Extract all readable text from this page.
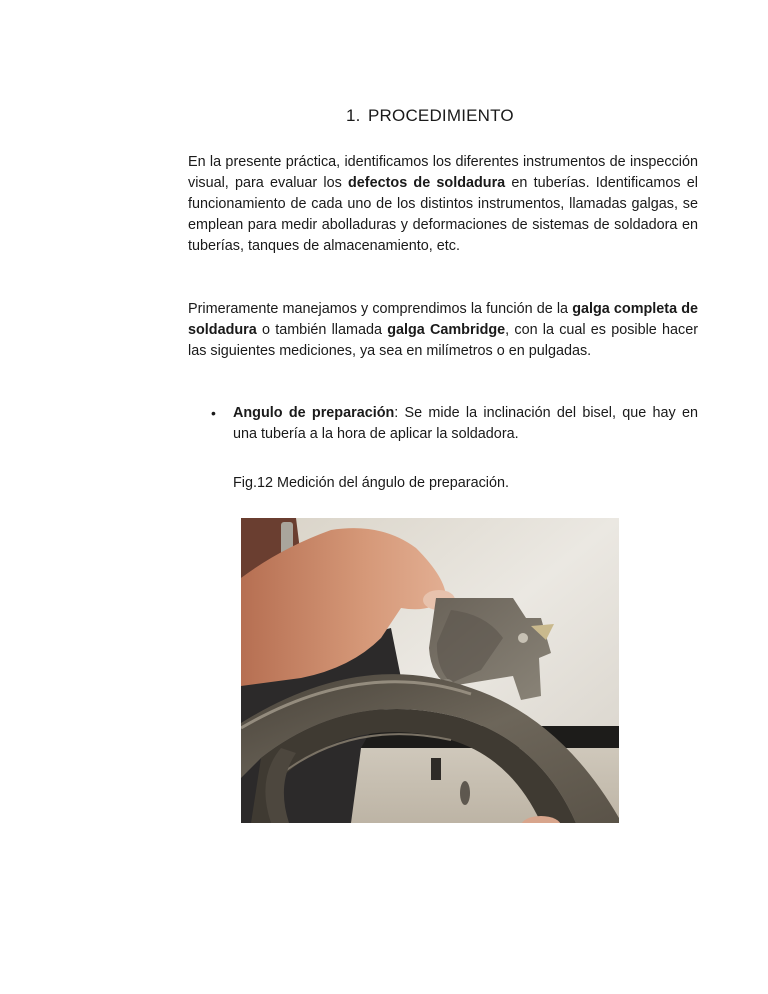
1. PROCEDIMIENTO

En la presente práctica, identificamos los diferentes instrumentos de inspección visual, para evaluar los defectos de soldadura en tuberías. Identificamos el funcionamiento de cada uno de los distintos instrumentos, llamadas galgas, se emplean para medir abolladuras y deformaciones de sistemas de soldadora en tuberías, tanques de almacenamiento, etc.

Primeramente manejamos y comprendimos la función de la galga completa de soldadura o también llamada galga Cambridge, con la cual es posible hacer las siguientes mediciones, ya sea en milímetros o en pulgadas.

• Angulo de preparación: Se mide la inclinación del bisel, que hay en una tubería a la hora de aplicar la soldadora.

Fig.12 Medición del ángulo de preparación.
